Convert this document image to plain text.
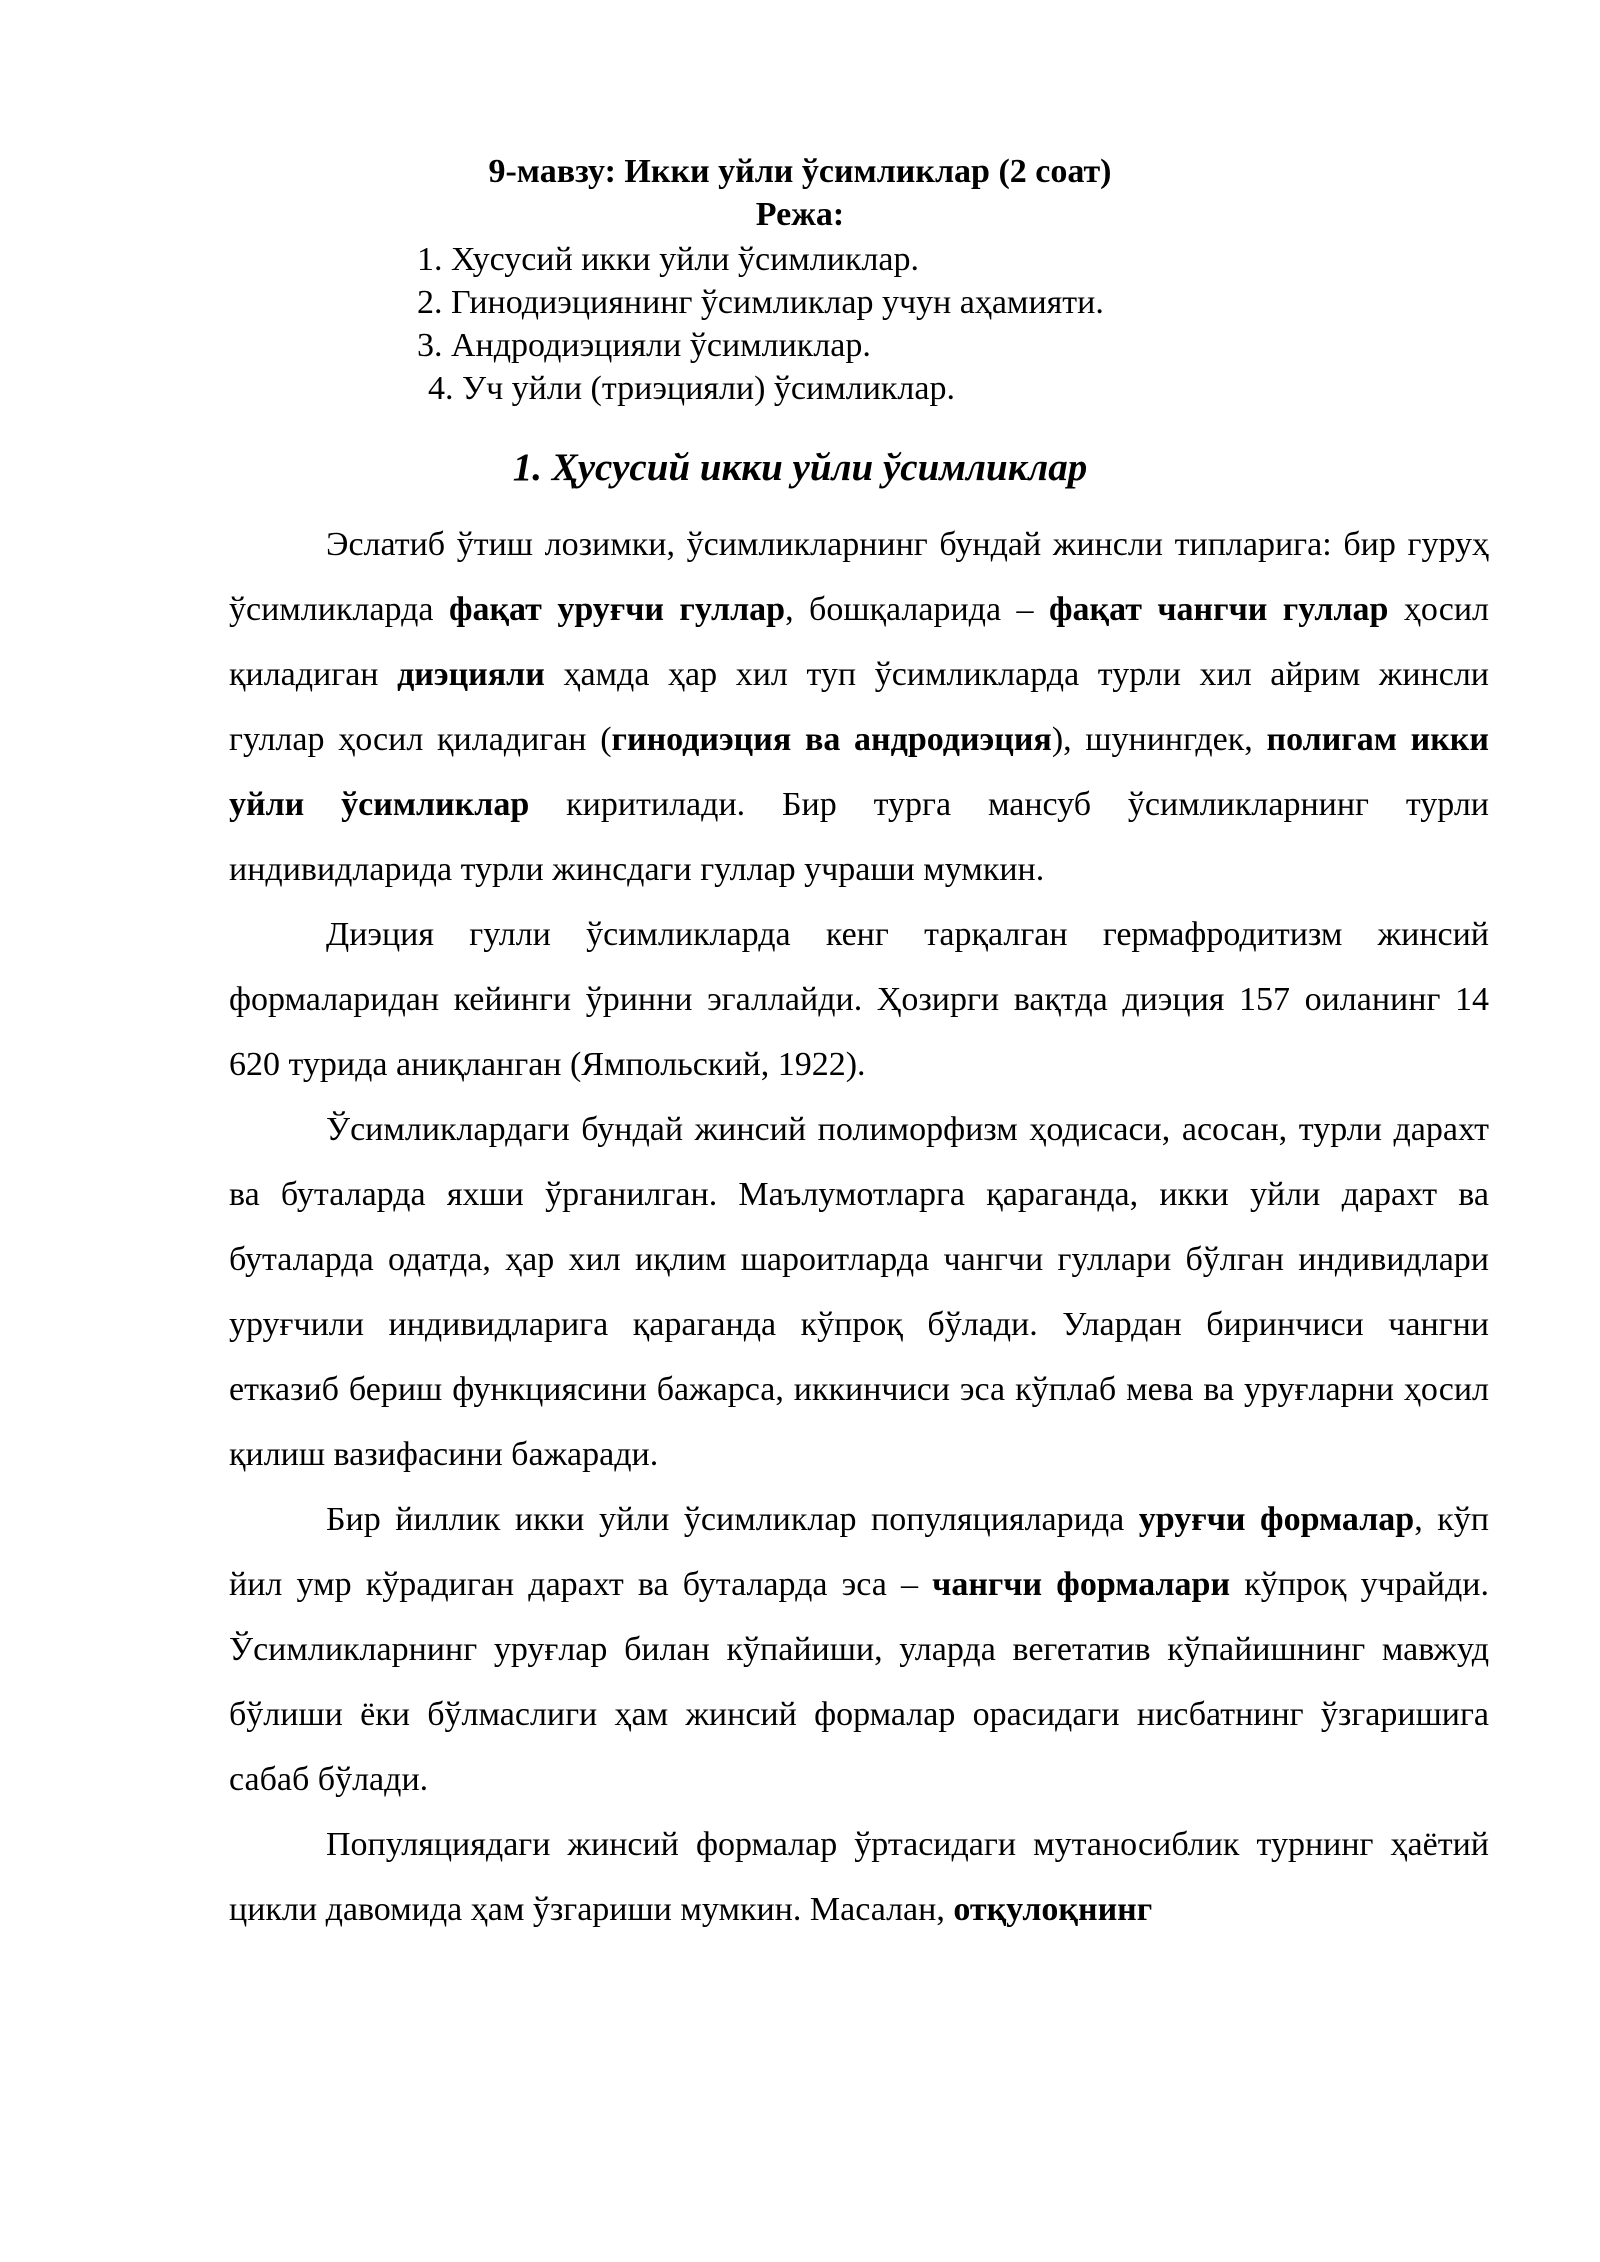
9-мавзу: Икки уйли ўсимликлар (2 соат)
Режа:
1. Хусусий икки уйли ўсимликлар.
2. Гинодиэциянинг ўсимликлар учун аҳамияти.
3. Андродиэцияли ўсимликлар.
4. Уч уйли (триэцияли) ўсимликлар.
1. Ҳусусий икки уйли ўсимликлар

Эслатиб ўтиш лозимки, ўсимликларнинг бундай жинсли типларига: бир гуруҳ ўсимликларда фақат уруғчи гуллар, бошқаларида – фақат чангчи гуллар ҳосил қиладиган диэцияли ҳамда ҳар хил туп ўсимликларда турли хил айрим жинсли гуллар ҳосил қиладиган (гинодиэция ва андродиэция), шунингдек, полигам икки уйли ўсимликлар киритилади. Бир турга мансуб ўсимликларнинг турли индивидларида турли жинсдаги гуллар учраши мумкин.

Диэция гулли ўсимликларда кенг тарқалган гермафродитизм жинсий формаларидан кейинги ўринни эгаллайди. Ҳозирги вақтда диэция 157 оиланинг 14 620 турида аниқланган (Ямпольский, 1922).

Ўсимликлардаги бундай жинсий полиморфизм ҳодисаси, асосан, турли дарахт ва буталарда яхши ўрганилган. Маълумотларга қараганда, икки уйли дарахт ва буталарда одатда, ҳар хил иқлим шароитларда чангчи гуллари бўлган индивидлари уруғчили индивидларига қараганда кўпроқ бўлади. Улардан биринчиси чангни етказиб бериш функциясини бажарса, иккинчиси эса кўплаб мева ва уруғларни ҳосил қилиш вазифасини бажаради.

Бир йиллик икки уйли ўсимликлар популяцияларида уруғчи формалар, кўп йил умр кўрадиган дарахт ва буталарда эса – чангчи формалари кўпроқ учрайди. Ўсимликларнинг уруғлар билан кўпайиши, уларда вегетатив кўпайишнинг мавжуд бўлиши ёки бўлмаслиги ҳам жинсий формалар орасидаги нисбатнинг ўзгаришига сабаб бўлади.

Популяциядаги жинсий формалар ўртасидаги мутаносиблик турнинг ҳаётий цикли давомида ҳам ўзгариши мумкин. Масалан, отқулоқнинг
